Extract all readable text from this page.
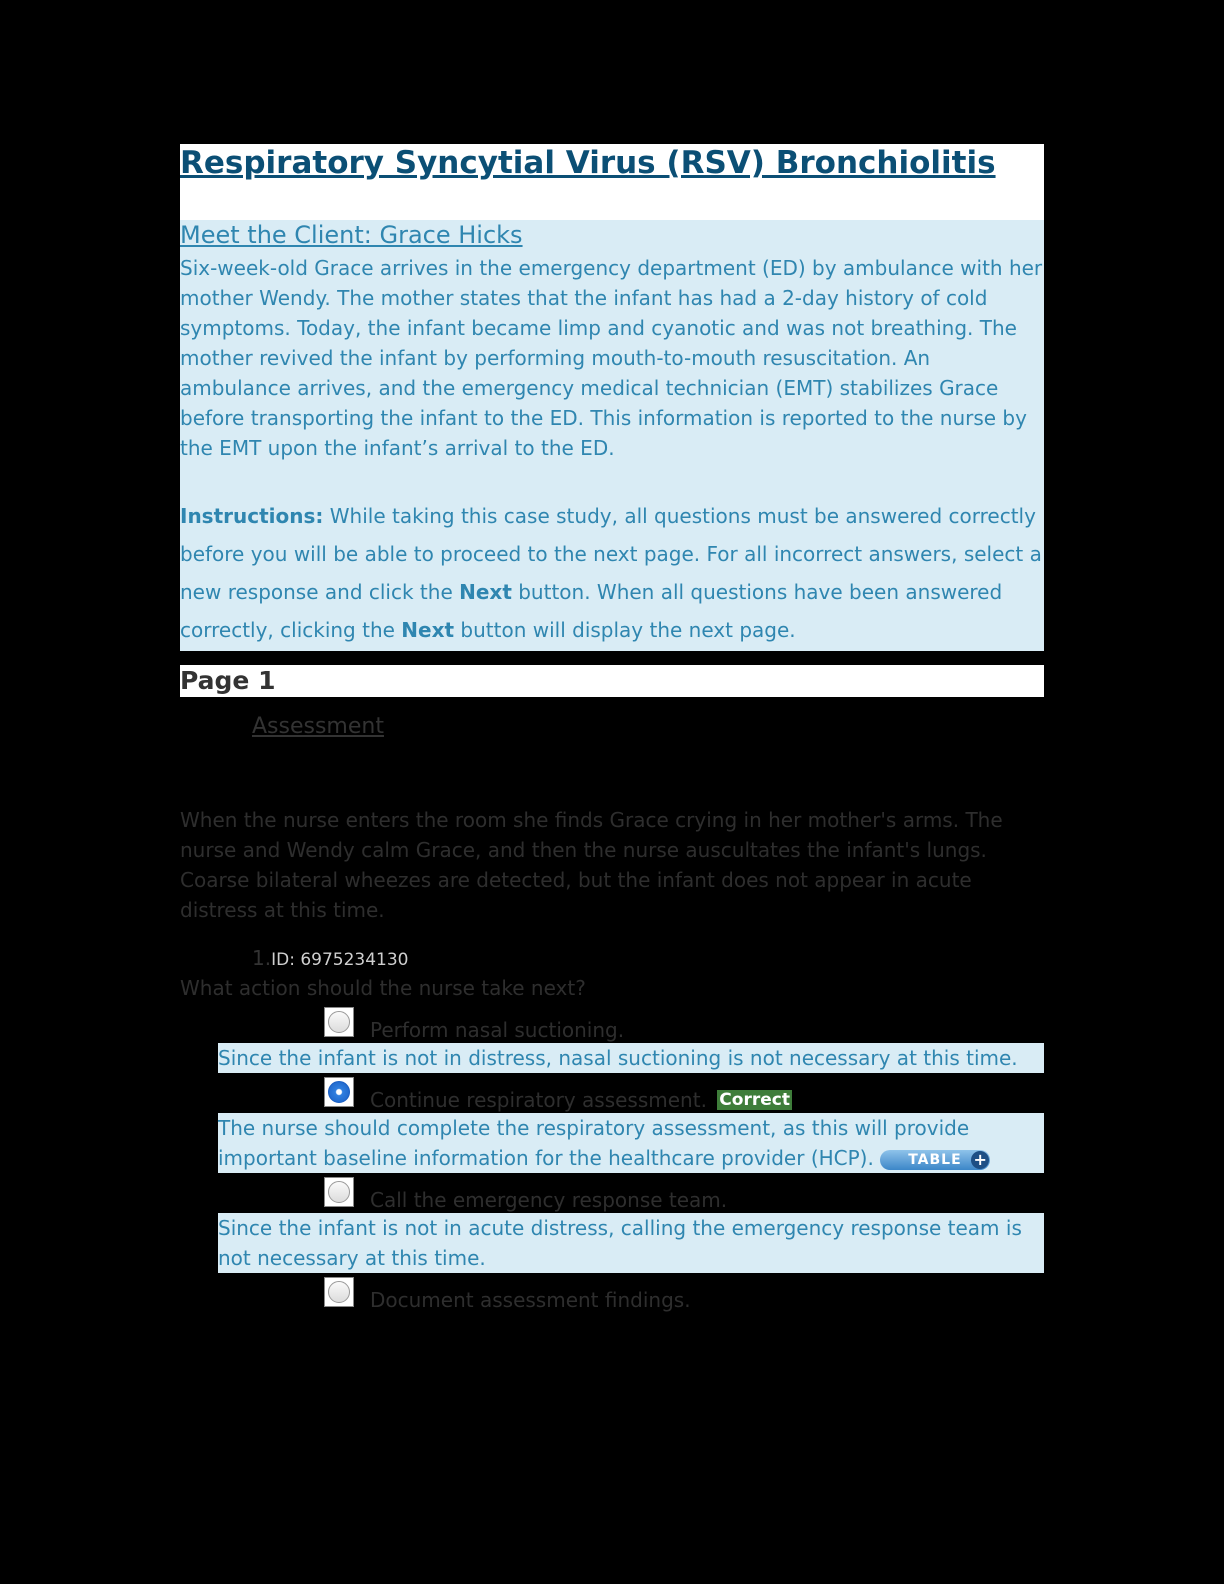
Respiratory Syncytial Virus (RSV) Bronchiolitis
Meet the Client: Grace Hicks

Six-week-old Grace arrives in the emergency department (ED) by ambulance with her mother Wendy. The mother states that the infant has had a 2-day history of cold symptoms. Today, the infant became limp and cyanotic and was not breathing. The mother revived the infant by performing mouth-to-mouth resuscitation. An ambulance arrives, and the emergency medical technician (EMT) stabilizes Grace before transporting the infant to the ED. This information is reported to the nurse by the EMT upon the infant’s arrival to the ED.

Instructions: While taking this case study, all questions must be answered correctly before you will be able to proceed to the next page. For all incorrect answers, select a new response and click the Next button. When all questions have been answered correctly, clicking the Next button will display the next page.

Page 1
Assessment

When the nurse enters the room she finds Grace crying in her mother's arms. The nurse and Wendy calm Grace, and then the nurse auscultates the infant's lungs. Coarse bilateral wheezes are detected, but the infant does not appear in acute distress at this time.

1.ID: 6975234130

What action should the nurse take next?

Perform nasal suctioning.
Since the infant is not in distress, nasal suctioning is not necessary at this time.
Continue respiratory assessment. Correct
The nurse should complete the respiratory assessment, as this will provide important baseline information for the healthcare provider (HCP). TABLE +
Call the emergency response team.
Since the infant is not in acute distress, calling the emergency response team is not necessary at this time.
Document assessment findings.
